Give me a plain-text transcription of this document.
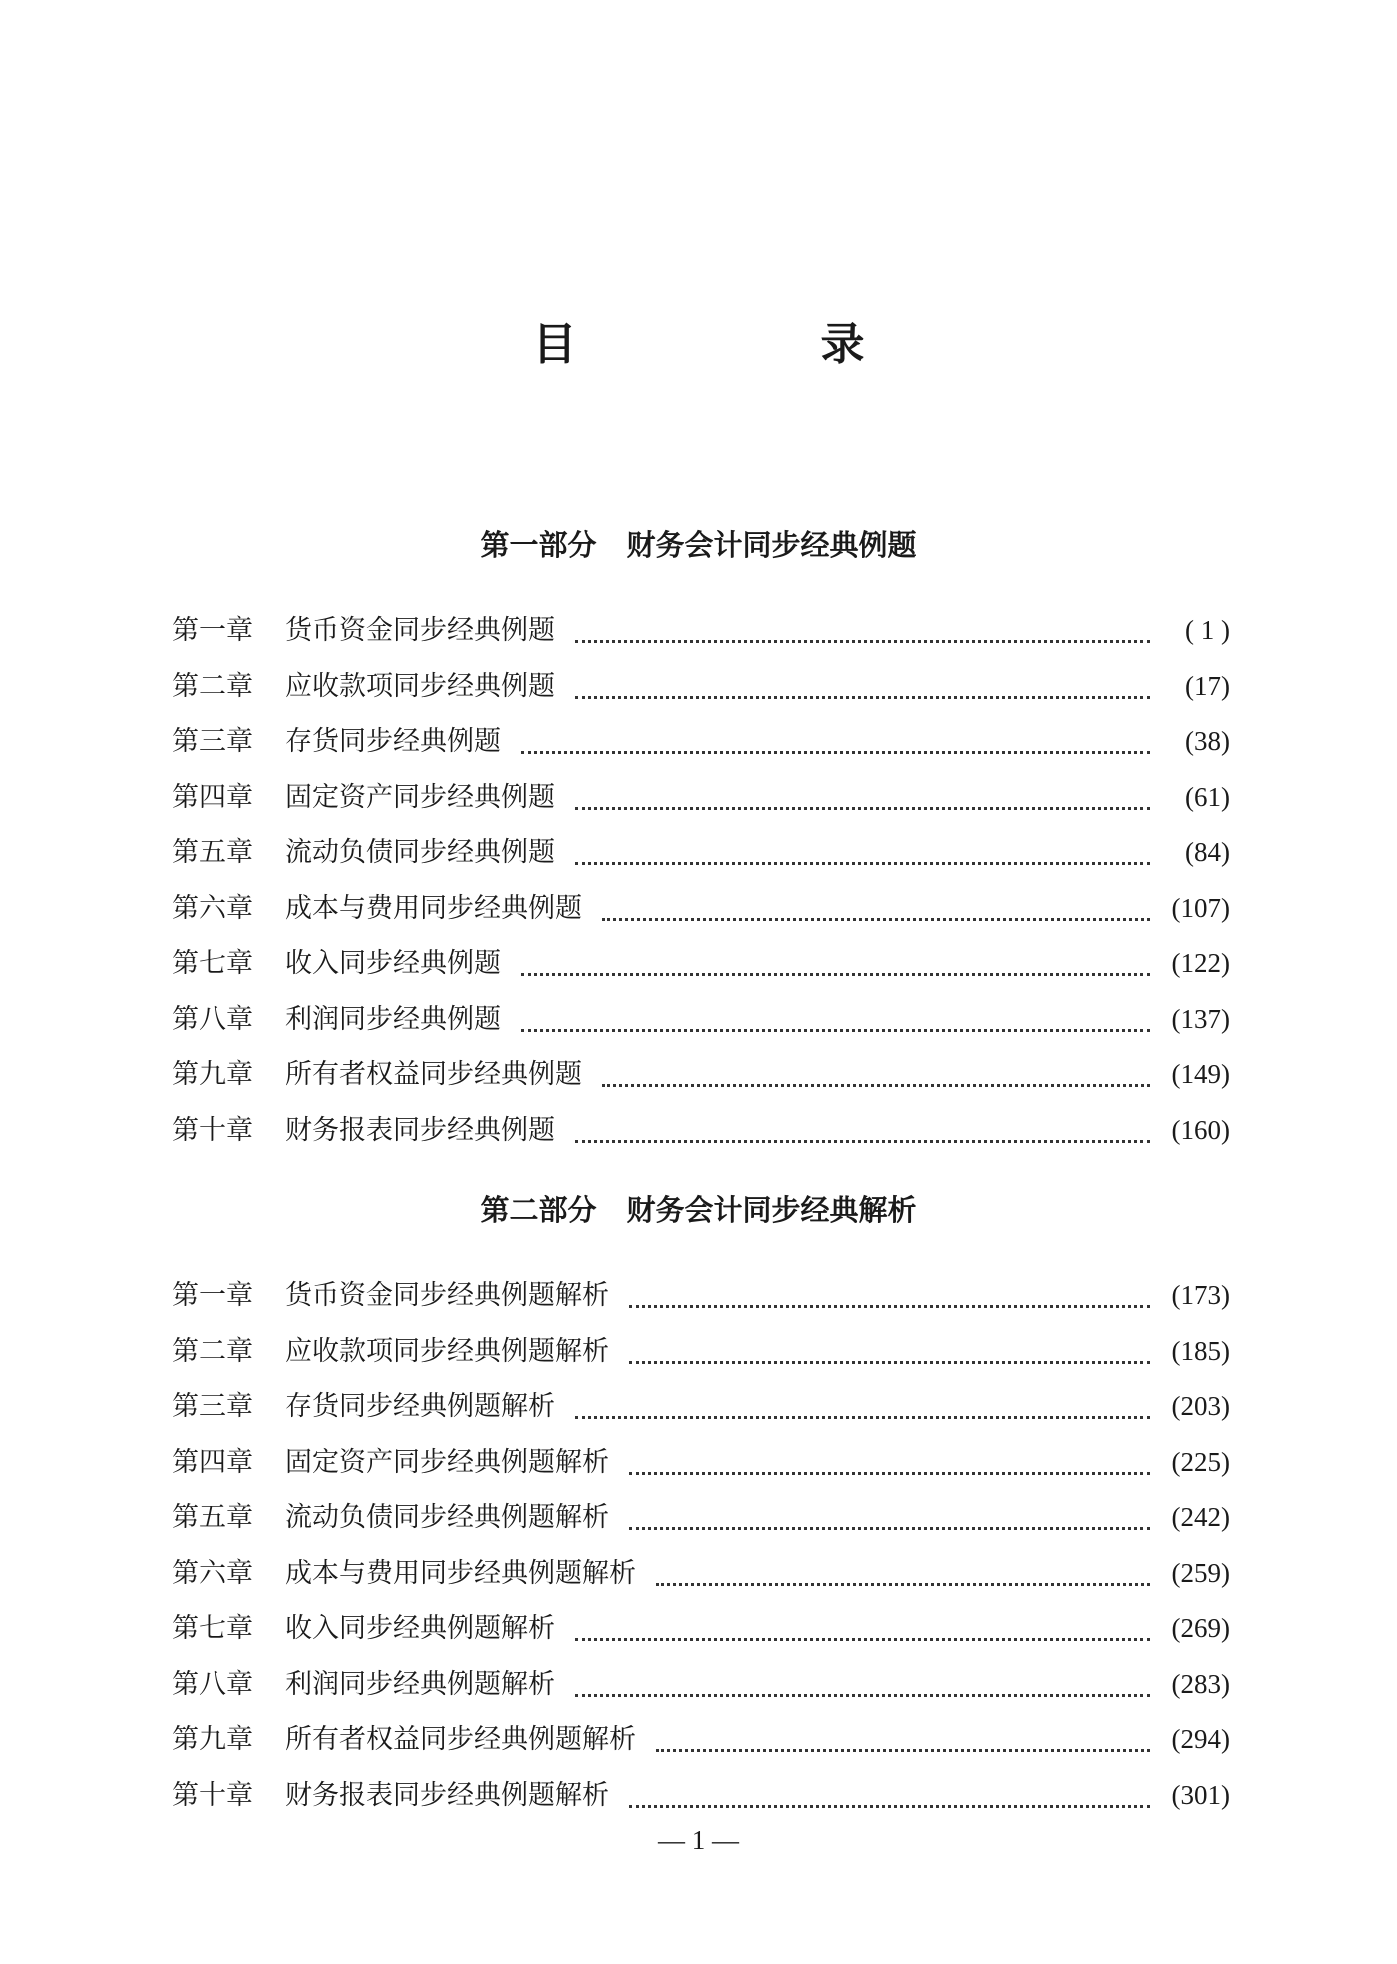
目　录
第一部分 财务会计同步经典例题
第一章	货币资金同步经典例题	( 1 )
第二章	应收款项同步经典例题	(17)
第三章	存货同步经典例题	(38)
第四章	固定资产同步经典例题	(61)
第五章	流动负债同步经典例题	(84)
第六章	成本与费用同步经典例题	(107)
第七章	收入同步经典例题	(122)
第八章	利润同步经典例题	(137)
第九章	所有者权益同步经典例题	(149)
第十章	财务报表同步经典例题	(160)
第二部分 财务会计同步经典解析
第一章	货币资金同步经典例题解析	(173)
第二章	应收款项同步经典例题解析	(185)
第三章	存货同步经典例题解析	(203)
第四章	固定资产同步经典例题解析	(225)
第五章	流动负债同步经典例题解析	(242)
第六章	成本与费用同步经典例题解析	(259)
第七章	收入同步经典例题解析	(269)
第八章	利润同步经典例题解析	(283)
第九章	所有者权益同步经典例题解析	(294)
第十章	财务报表同步经典例题解析	(301)
— 1 —
